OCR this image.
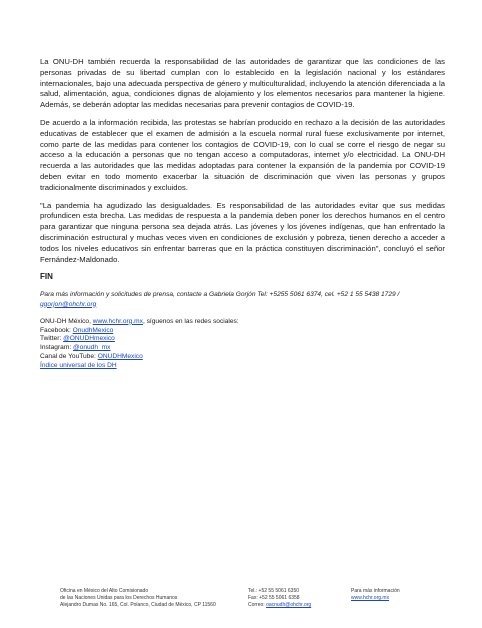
La ONU-DH también recuerda la responsabilidad de las autoridades de garantizar que las condiciones de las personas privadas de su libertad cumplan con lo establecido en la legislación nacional y los estándares internacionales, bajo una adecuada perspectiva de género y multiculturalidad, incluyendo la atención diferenciada a la salud, alimentación, agua, condiciones dignas de alojamiento y los elementos necesarios para mantener la higiene. Además, se deberán adoptar las medidas necesarias para prevenir contagios de COVID-19.

De acuerdo a la información recibida, las protestas se habrían producido en rechazo a la decisión de las autoridades educativas de establecer que el examen de admisión a la escuela normal rural fuese exclusivamente por internet, como parte de las medidas para contener los contagios de COVID-19, con lo cual se corre el riesgo de negar su acceso a la educación a personas que no tengan acceso a computadoras, internet y/o electricidad. La ONU-DH recuerda a las autoridades que las medidas adoptadas para contener la expansión de la pandemia por COVID-19 deben evitar en todo momento exacerbar la situación de discriminación que viven las personas y grupos tradicionalmente discriminados y excluidos.

"La pandemia ha agudizado las desigualdades. Es responsabilidad de las autoridades evitar que sus medidas profundicen esta brecha. Las medidas de respuesta a la pandemia deben poner los derechos humanos en el centro para garantizar que ninguna persona sea dejada atrás. Las jóvenes y los jóvenes indígenas, que han enfrentado la discriminación estructural y muchas veces viven en condiciones de exclusión y pobreza, tienen derecho a acceder a todos los niveles educativos sin enfrentar barreras que en la práctica constituyen discriminación", concluyó el señor Fernández-Maldonado.

FIN

Para más información y solicitudes de prensa, contacte a Gabriela Gorjón Tel: +5255 5061 6374, cel. +52 1 55 5438 1729 / ggorjon@ohchr.org

ONU-DH México, www.hchr.org.mx, síguenos en las redes sociales:
Facebook: OnudhMexico
Twitter: @ONUDHmexico
Instagram: @onudh_mx
Canal de YouTube: ONUDHMexico
Índice universal de los DH
Oficina en México del Alto Comisionado
de las Naciones Unidas para los Derechos Humanos
Alejandro Dumas No. 165, Col. Polanco, Ciudad de México, CP 11560
Tel.: +52 55 5061 6350
Fax: +52 55 5061 6358
Correo: oacnudh@ohchr.org
Para más información
www.hchr.org.mx
